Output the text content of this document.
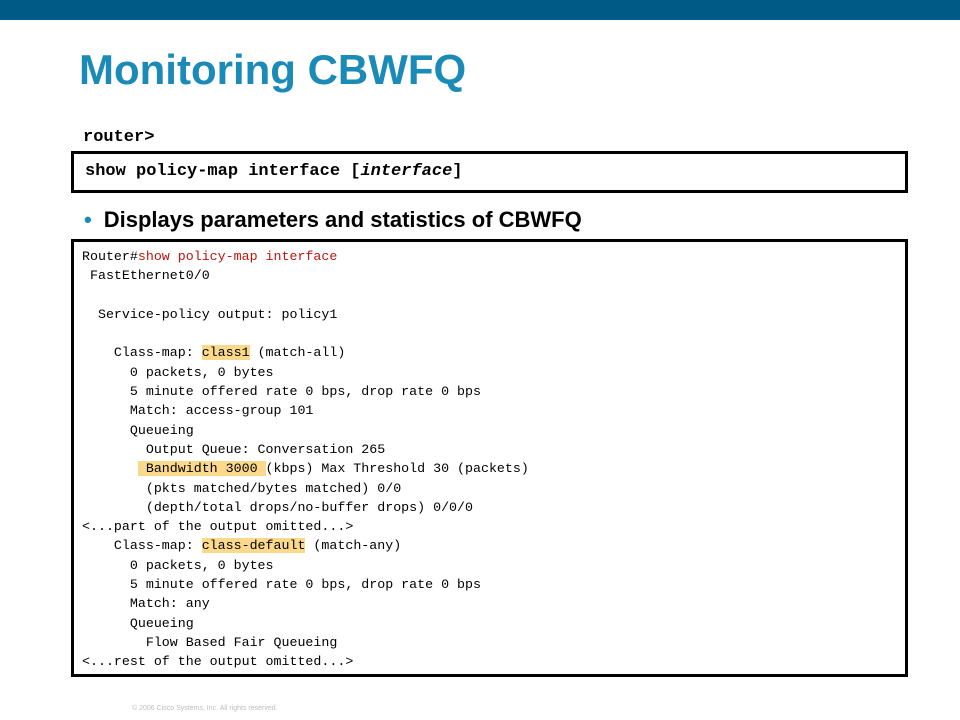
Monitoring CBWFQ
router>
show policy-map interface [interface]
• Displays parameters and statistics of CBWFQ
Router#show policy-map interface
FastEthernet0/0
Service-policy output: policy1
Class-map: class1 (match-all)
0 packets, 0 bytes
5 minute offered rate 0 bps, drop rate 0 bps
Match: access-group 101
Queueing
Output Queue: Conversation 265
Bandwidth 3000 (kbps) Max Threshold 30 (packets)
(pkts matched/bytes matched) 0/0
(depth/total drops/no-buffer drops) 0/0/0
<...part of the output omitted...>
Class-map: class-default (match-any)
0 packets, 0 bytes
5 minute offered rate 0 bps, drop rate 0 bps
Match: any
Queueing
Flow Based Fair Queueing
<...rest of the output omitted...>
© 2006 Cisco Systems, Inc. All rights reserved.
